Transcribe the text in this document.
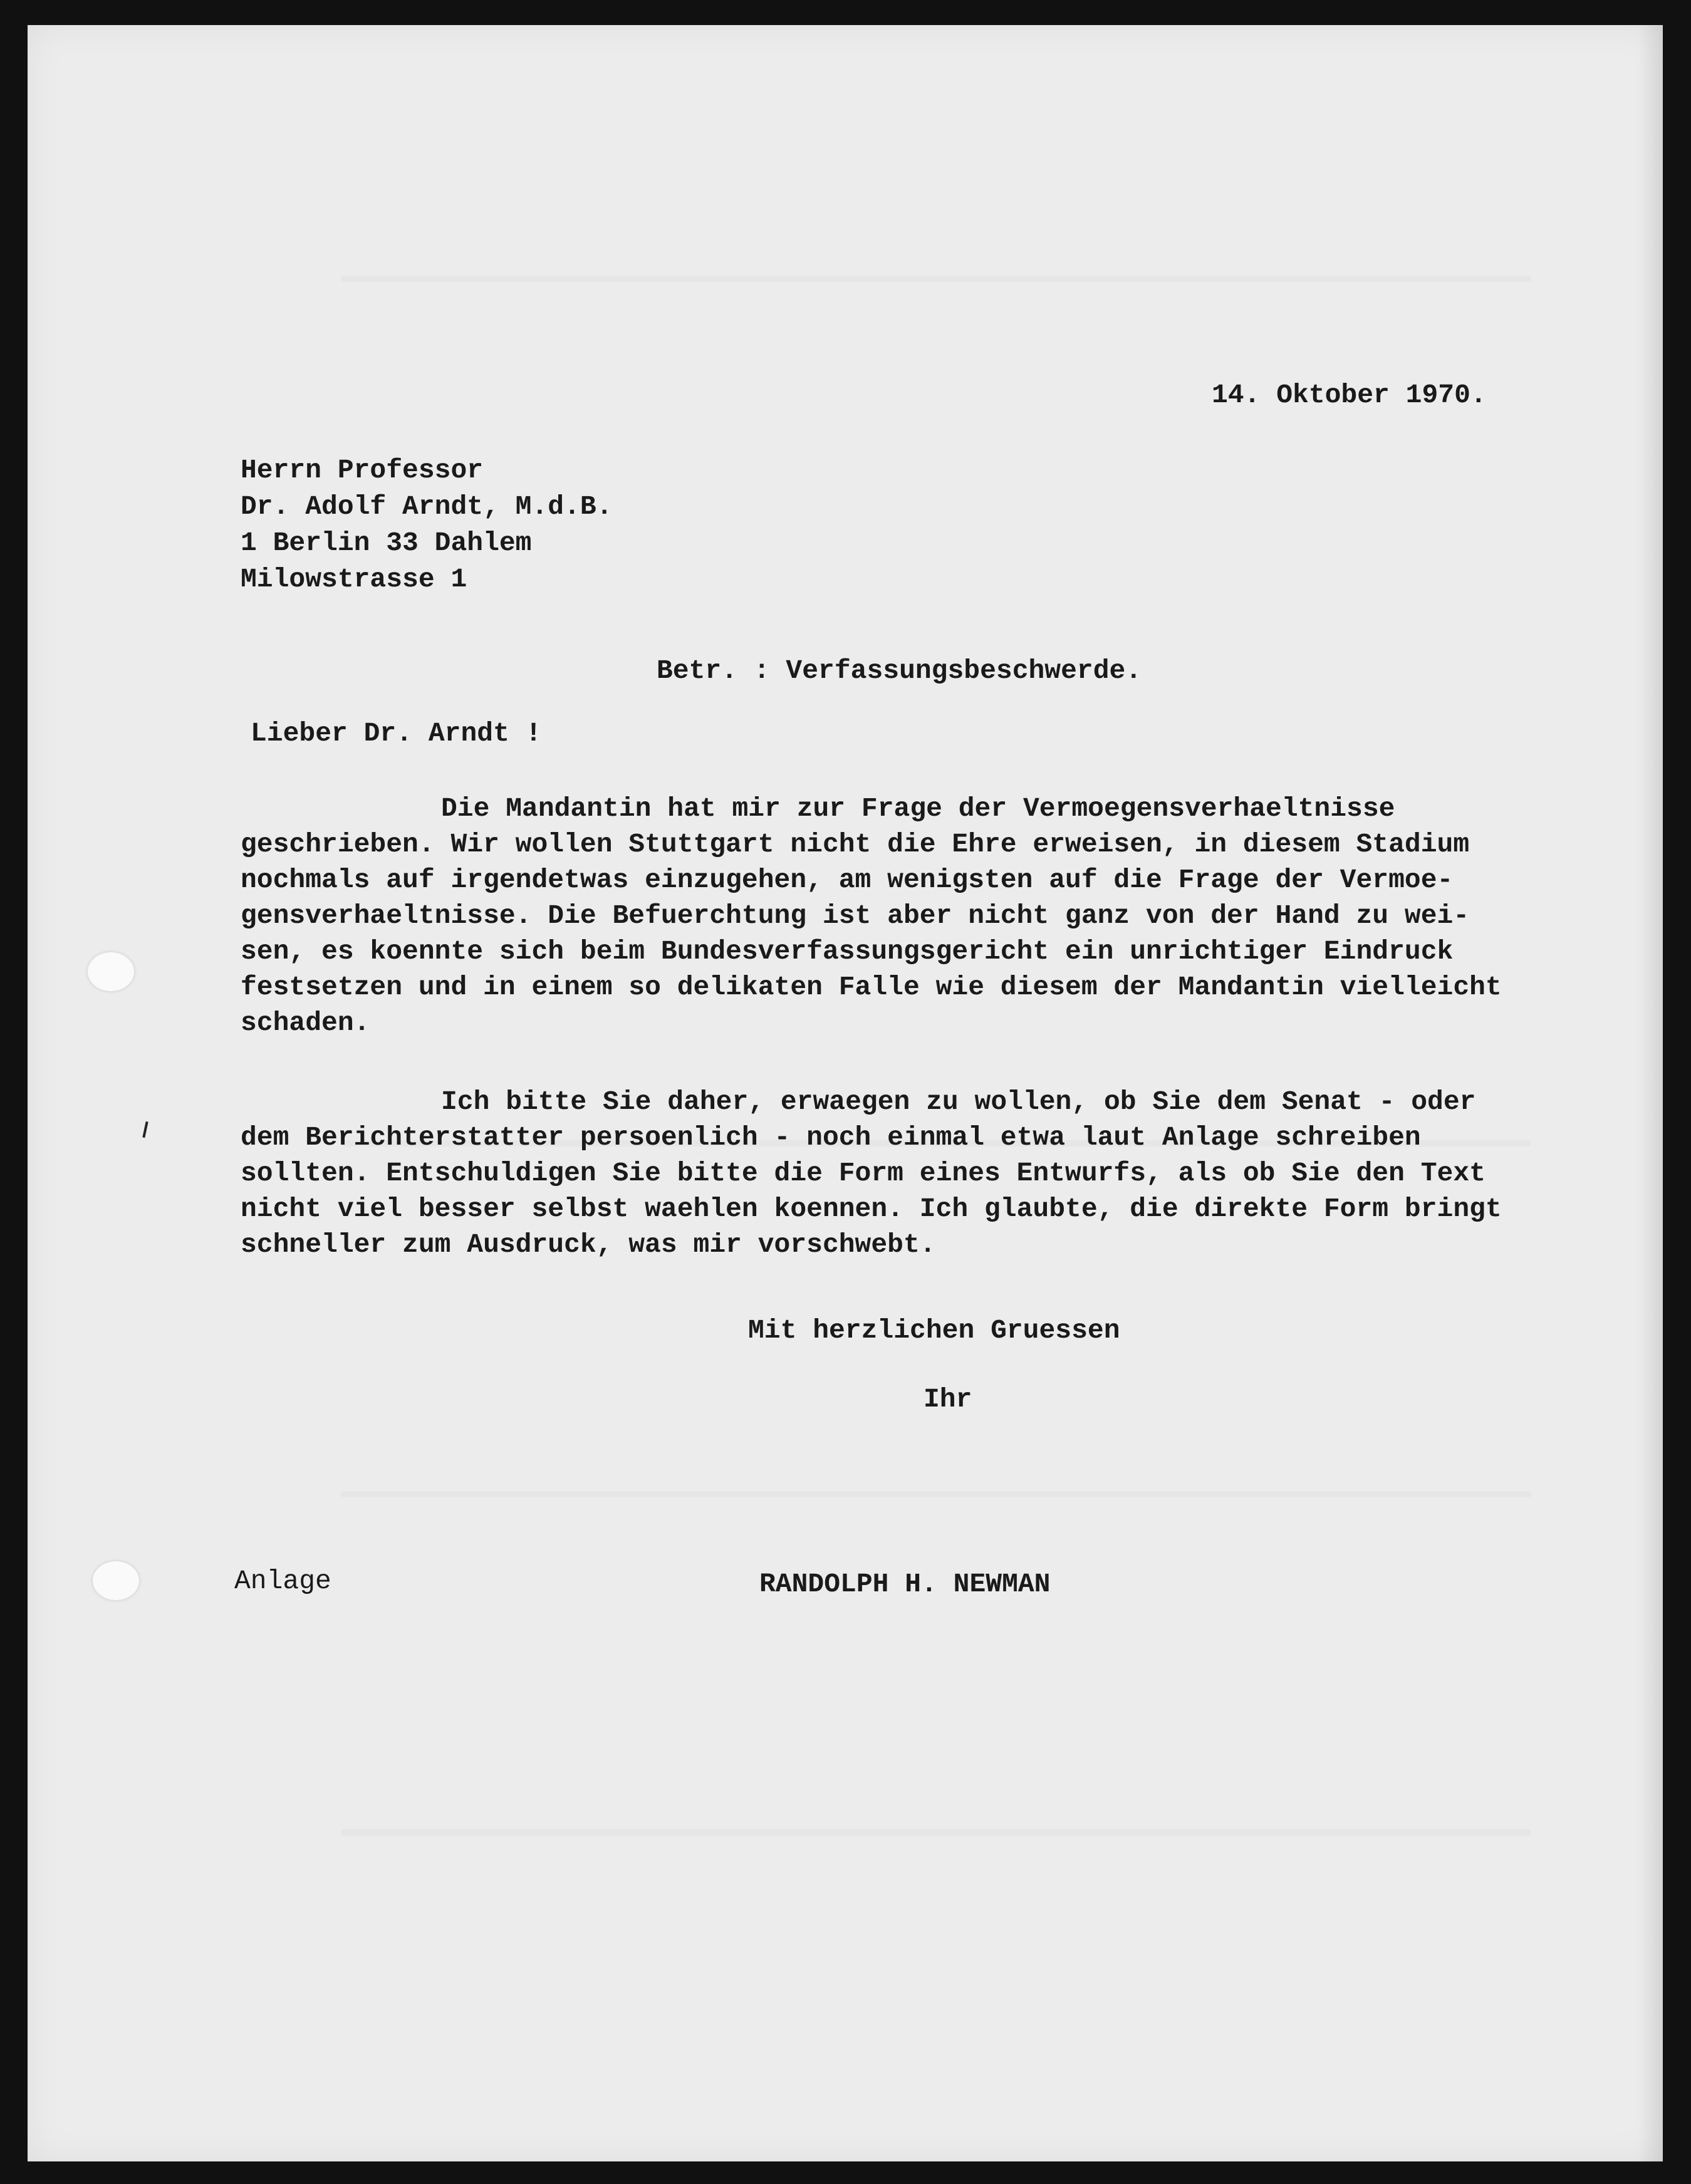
14. Oktober 1970.

Herrn Professor
Dr. Adolf Arndt, M.d.B.
1 Berlin 33 Dahlem
Milowstrasse 1

Betr. : Verfassungsbeschwerde.

Lieber Dr. Arndt !

Die Mandantin hat mir zur Frage der Vermoegensverhaeltnisse
geschrieben. Wir wollen Stuttgart nicht die Ehre erweisen, in diesem Stadium
nochmals auf irgendetwas einzugehen, am wenigsten auf die Frage der Vermoe-
gensverhaeltnisse. Die Befuerchtung ist aber nicht ganz von der Hand zu wei-
sen, es koennte sich beim Bundesverfassungsgericht ein unrichtiger Eindruck
festsetzen und in einem so delikaten Falle wie diesem der Mandantin vielleicht
schaden.
Ich bitte Sie daher, erwaegen zu wollen, ob Sie dem Senat - oder
dem Berichterstatter persoenlich - noch einmal etwa laut Anlage schreiben
sollten. Entschuldigen Sie bitte die Form eines Entwurfs, als ob Sie den Text
nicht viel besser selbst waehlen koennen. Ich glaubte, die direkte Form bringt
schneller zum Ausdruck, was mir vorschwebt.

Mit herzlichen Gruessen

Ihr

Anlage	RANDOLPH H. NEWMAN
